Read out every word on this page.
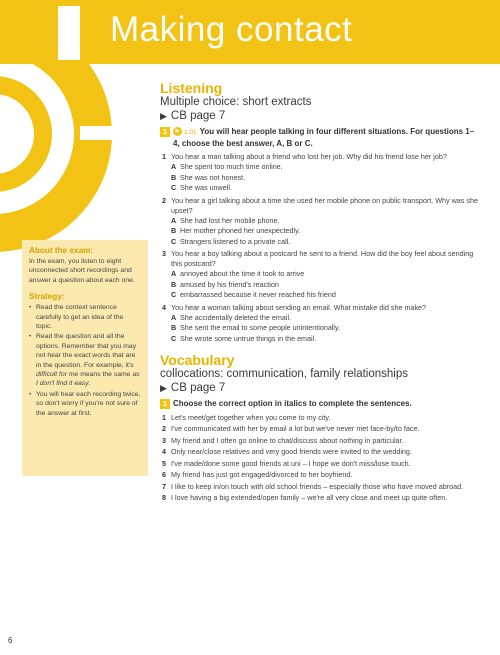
Making contact
About the exam:
In the exam, you listen to eight unconnected short recordings and answer a question about each one.
Strategy:
• Read the context sentence carefully to get an idea of the topic.
• Read the question and all the options. Remember that you may not hear the exact words that are in the question. For example, it's difficult for me means the same as I don't find it easy.
• You will hear each recording twice, so don't worry if you're not sure of the answer at first.
Listening
Multiple choice: short extracts
▶ CB page 7
1	▶ 1.01 You will hear people talking in four different situations. For questions 1–4, choose the best answer, A, B or C.
1 You hear a man talking about a friend who lost her job. Why did his friend lose her job?
A She spent too much time online.
B She was not honest.
C She was unwell.
2 You hear a girl talking about a time she used her mobile phone on public transport. Why was she upset?
A She had lost her mobile phone.
B Her mother phoned her unexpectedly.
C Strangers listened to a private call.
3 You hear a boy talking about a postcard he sent to a friend. How did the boy feel about sending this postcard?
A annoyed about the time it took to arrive
B amused by his friend's reaction
C embarrassed because it never reached his friend
4 You hear a woman talking about sending an email. What mistake did she make?
A She accidentally deleted the email.
B She sent the email to some people unintentionally.
C She wrote some untrue things in the email.
Vocabulary
collocations: communication, family relationships
▶ CB page 7
1 Choose the correct option in italics to complete the sentences.
1 Let's meet/get together when you come to my city.
2 I've communicated with her by email a lot but we've never met face-by/to face.
3 My friend and I often go online to chat/discuss about nothing in particular.
4 Only near/close relatives and very good friends were invited to the wedding.
5 I've made/done some good friends at uni – I hope we don't miss/lose touch.
6 My friend has just got engaged/divorced to her boyfriend.
7 I like to keep in/on touch with old school friends – especially those who have moved abroad.
8 I love having a big extended/open family – we're all very close and meet up quite often.
6
